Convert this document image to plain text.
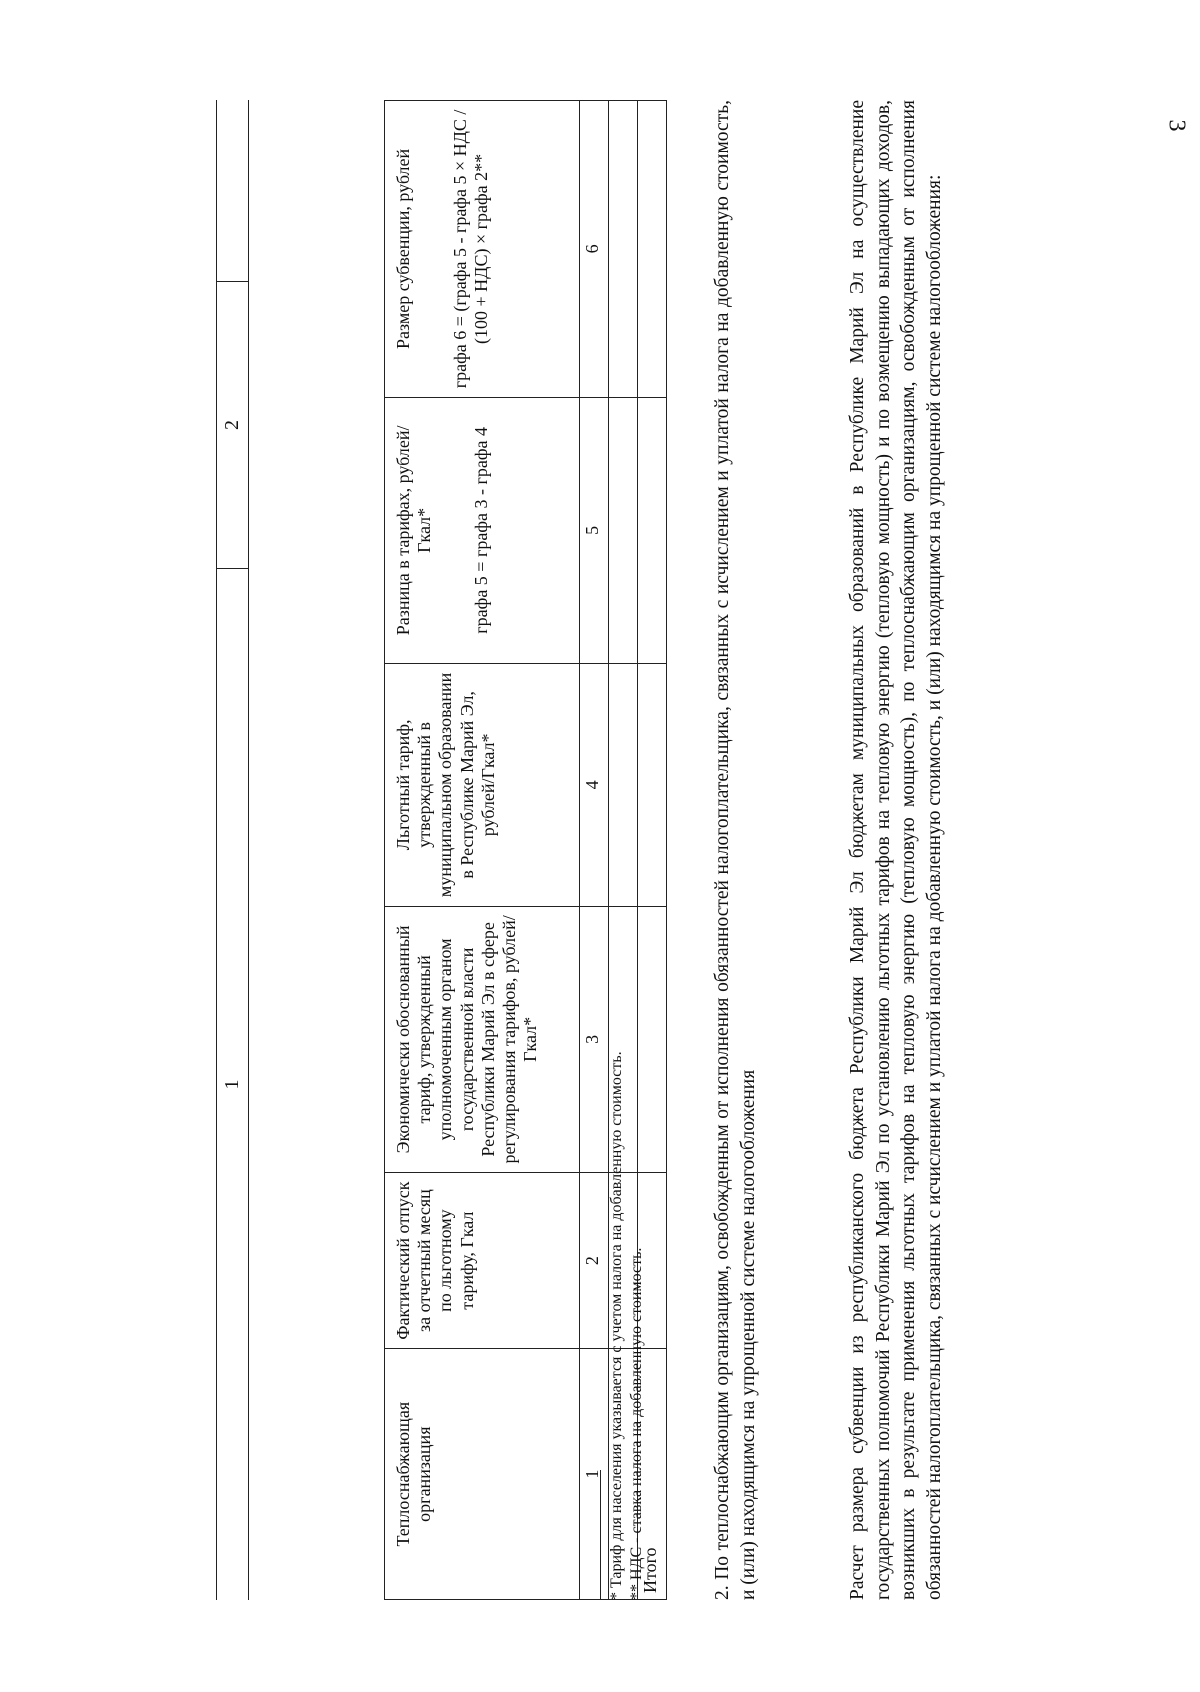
3
1	2	
Теплоснабжающая организация	Фактический отпуск за отчетный месяц по льготному тарифу, Гкал	Экономически обоснованный тариф, утвержденный уполномоченным органом государственной власти Республики Марий Эл в сфере регулирования тарифов, рублей/Гкал*	Льготный тариф, утвержденный в муниципальном образовании в Республике Марий Эл, рублей/Гкал*	Разница в тарифах, рублей/Гкал* графа 5 = графа 3 - графа 4	Размер субвенции, рублей графа 6 = (графа 5 - графа 5 × НДС / (100 + НДС) × графа 2**

1	2	3	4	5	6

Итого					
* Тариф для населения указывается с учетом налога на добавленную стоимость. ** НДС - ставка налога на добавленную стоимость.	2. По теплоснабжающим организациям, освобожденным от исполнения обязанностей налогоплательщика, связанных с исчислением и уплатой налога на добавленную стоимость, и (или) находящимся на упрощенной системе налогообложения	Расчет размера субвенции из республиканского бюджета Республики Марий Эл бюджетам муниципальных образований в Республике Марий Эл на осуществление государственных полномочий Республики Марий Эл по установлению льготных тарифов на тепловую энергию (тепловую мощность) и по возмещению выпадающих доходов, возникших в результате применения льготных тарифов на тепловую энергию (тепловую мощность), по теплоснабжающим организациям, освобожденным от исполнения обязанностей налогоплательщика, связанных с исчислением и уплатой налога на добавленную стоимость, и (или) находящимся на упрощенной системе налогообложения:
